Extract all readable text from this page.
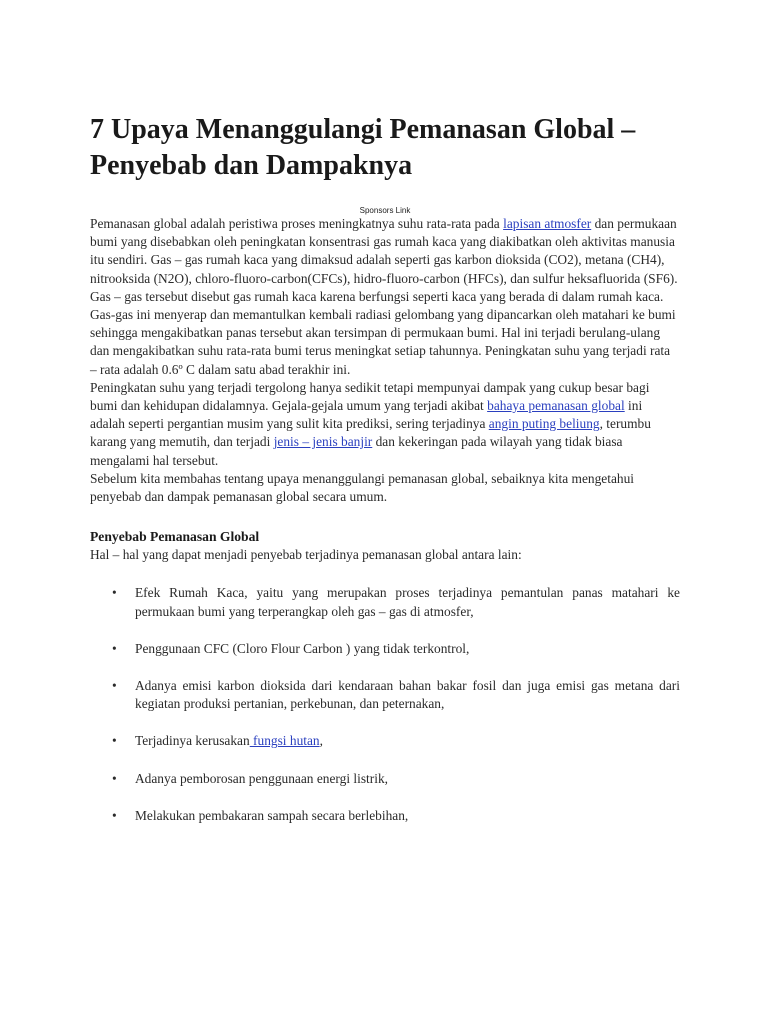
7 Upaya Menanggulangi Pemanasan Global –
Penyebab dan Dampaknya
Sponsors Link

Pemanasan global adalah peristiwa proses meningkatnya suhu rata-rata pada lapisan atmosfer dan permukaan bumi yang disebabkan oleh peningkatan konsentrasi gas rumah kaca yang diakibatkan oleh aktivitas manusia itu sendiri. Gas – gas rumah kaca yang dimaksud adalah seperti gas karbon dioksida (CO2), metana (CH4), nitrooksida (N2O), chloro-fluoro-carbon(CFCs), hidro-fluoro-carbon (HFCs), dan sulfur heksafluorida (SF6). Gas – gas tersebut disebut gas rumah kaca karena berfungsi seperti kaca yang berada di dalam rumah kaca. Gas-gas ini menyerap dan memantulkan kembali radiasi gelombang yang dipancarkan oleh matahari ke bumi sehingga mengakibatkan panas tersebut akan tersimpan di permukaan bumi. Hal ini terjadi berulang-ulang dan mengakibatkan suhu rata-rata bumi terus meningkat setiap tahunnya. Peningkatan suhu yang terjadi rata – rata adalah 0.6º C dalam satu abad terakhir ini.

Peningkatan suhu yang terjadi tergolong hanya sedikit tetapi mempunyai dampak yang cukup besar bagi bumi dan kehidupan didalamnya. Gejala-gejala umum yang terjadi akibat bahaya pemanasan global ini adalah seperti pergantian musim yang sulit kita prediksi, sering terjadinya angin puting beliung, terumbu karang yang memutih, dan terjadi jenis – jenis banjir dan kekeringan pada wilayah yang tidak biasa mengalami hal tersebut.

Sebelum kita membahas tentang upaya menanggulangi pemanasan global, sebaiknya kita mengetahui penyebab dan dampak pemanasan global secara umum.

Penyebab Pemanasan Global

Hal – hal yang dapat menjadi penyebab terjadinya pemanasan global antara lain:

• Efek Rumah Kaca, yaitu yang merupakan proses terjadinya pemantulan panas matahari ke permukaan bumi yang terperangkap oleh gas – gas di atmosfer,
• Penggunaan CFC (Cloro Flour Carbon ) yang tidak terkontrol,
• Adanya emisi karbon dioksida dari kendaraan bahan bakar fosil dan juga emisi gas metana dari kegiatan produksi pertanian, perkebunan, dan peternakan,
• Terjadinya kerusakan fungsi hutan,
• Adanya pemborosan penggunaan energi listrik,
• Melakukan pembakaran sampah secara berlebihan,
